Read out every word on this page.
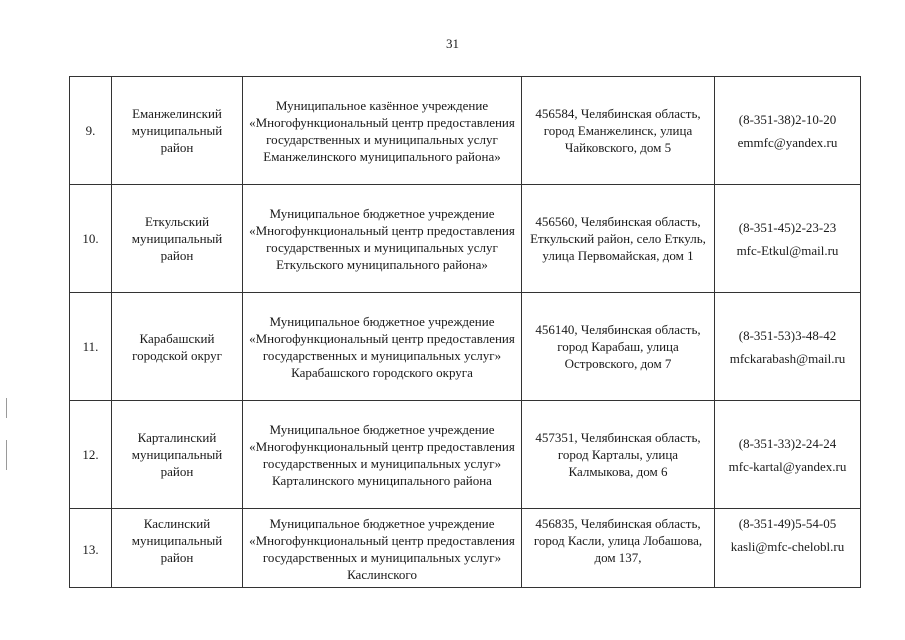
31
9.	Еманжелинский муниципальный район	Муниципальное казённое учреждение «Многофункциональный центр предоставления государственных и муниципальных услуг Еманжелинского муниципального района»	456584, Челябинская область, город Еманжелинск, улица Чайковского, дом 5	(8-351-38)2-10-20
emmfc@yandex.ru

10.	Еткульский муниципальный район	Муниципальное бюджетное учреждение «Многофункциональный центр предоставления государственных и муниципальных услуг Еткульского муниципального района»	456560, Челябинская область, Еткульский район, село Еткуль, улица Первомайская, дом 1	(8-351-45)2-23-23
mfc-Etkul@mail.ru

11.	Карабашский городской округ	Муниципальное бюджетное учреждение «Многофункциональный центр предоставления государственных и муниципальных услуг» Карабашского городского округа	456140, Челябинская область, город Карабаш, улица Островского, дом 7	(8-351-53)3-48-42
mfckarabash@mail.ru

12.	Карталинский муниципальный район	Муниципальное бюджетное учреждение «Многофункциональный центр предоставления государственных и муниципальных услуг» Карталинского муниципального района	457351, Челябинская область, город Карталы, улица Калмыкова, дом 6	(8-351-33)2-24-24
mfc-kartal@yandex.ru

13.	Каслинский муниципальный район	Муниципальное бюджетное учреждение «Многофункциональный центр предоставления государственных и муниципальных услуг» Каслинского	456835, Челябинская область, город Касли, улица Лобашова, дом 137,	(8-351-49)5-54-05
kasli@mfc-chelobl.ru
